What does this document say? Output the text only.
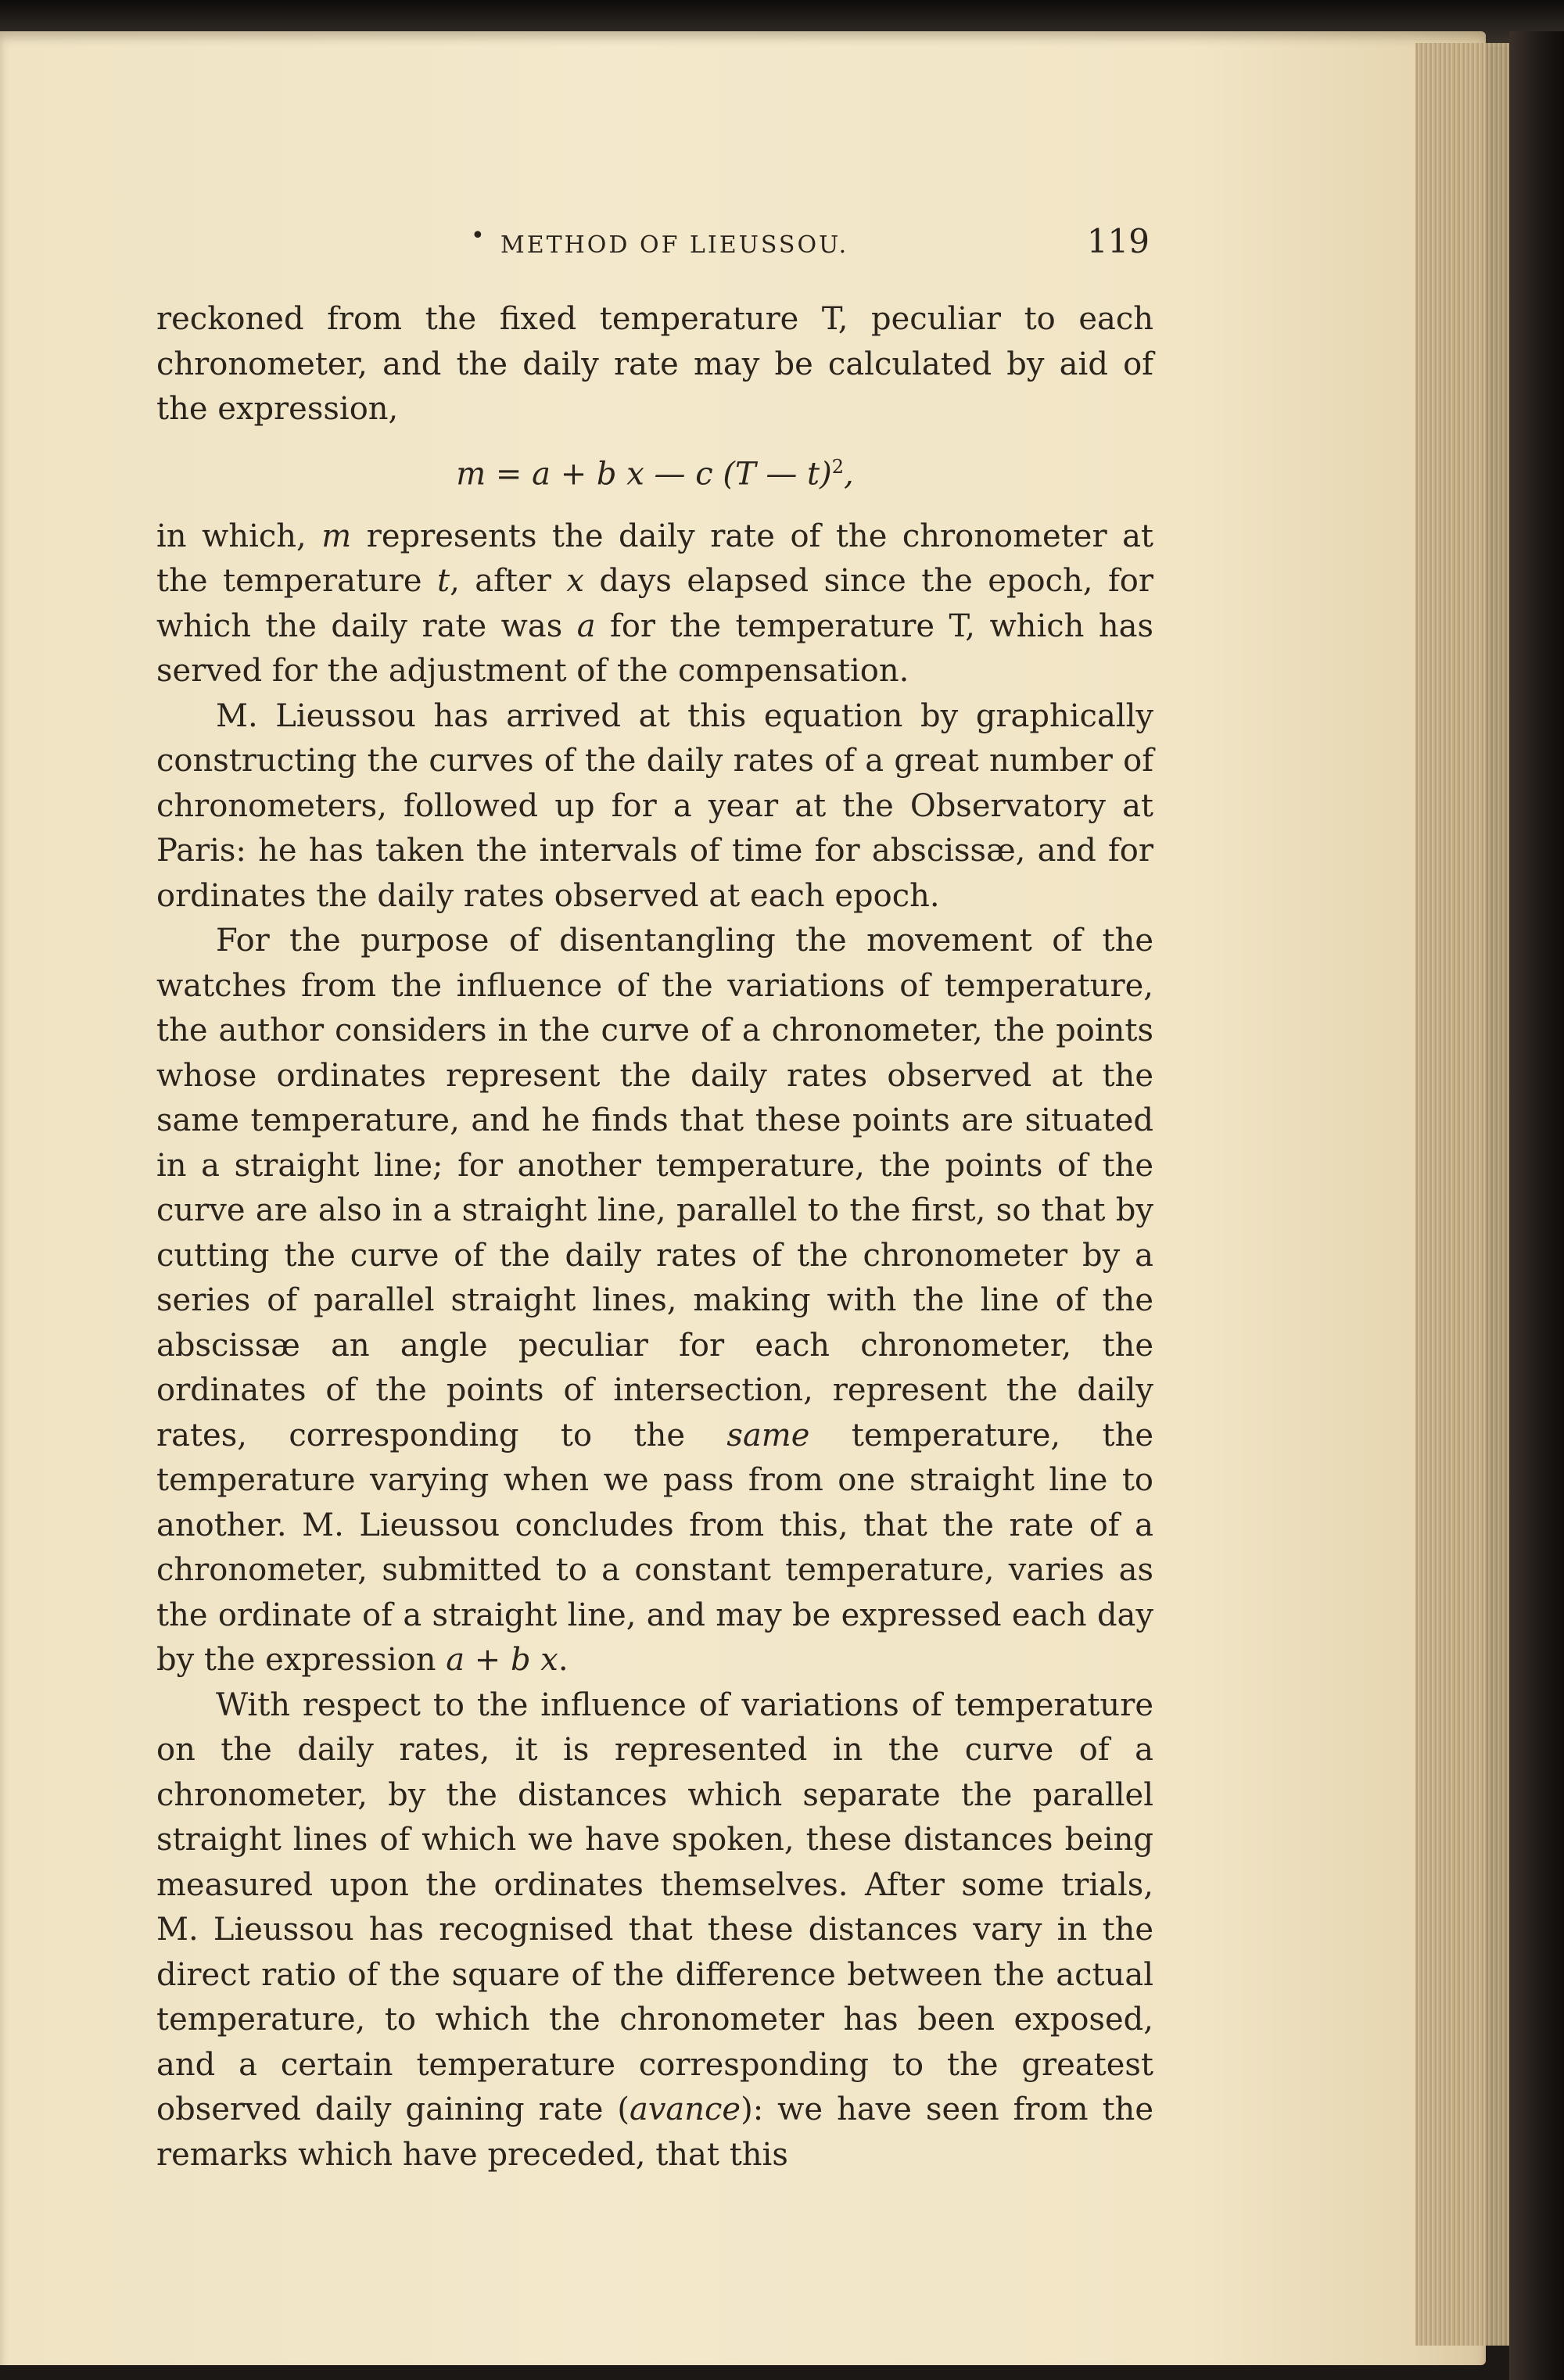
• METHOD OF LIEUSSOU.	119

reckoned from the fixed temperature T, peculiar to each chronometer, and the daily rate may be calculated by aid of the expression,

m = a + b x — c (T — t)$^2$,

in which, m represents the daily rate of the chronometer at the temperature t, after x days elapsed since the epoch, for which the daily rate was a for the temperature T, which has served for the adjustment of the compensation.

M. Lieussou has arrived at this equation by graphically constructing the curves of the daily rates of a great number of chronometers, followed up for a year at the Observatory at Paris: he has taken the intervals of time for abscissæ, and for ordinates the daily rates observed at each epoch.

For the purpose of disentangling the movement of the watches from the influence of the variations of temperature, the author considers in the curve of a chronometer, the points whose ordinates represent the daily rates observed at the same temperature, and he finds that these points are situated in a straight line; for another temperature, the points of the curve are also in a straight line, parallel to the first, so that by cutting the curve of the daily rates of the chronometer by a series of parallel straight lines, making with the line of the abscissæ an angle peculiar for each chronometer, the ordinates of the points of intersection, represent the daily rates, corresponding to the same temperature, the temperature varying when we pass from one straight line to another. M. Lieussou concludes from this, that the rate of a chronometer, submitted to a constant temperature, varies as the ordinate of a straight line, and may be expressed each day by the expression a + b x.

With respect to the influence of variations of temperature on the daily rates, it is represented in the curve of a chronometer, by the distances which separate the parallel straight lines of which we have spoken, these distances being measured upon the ordinates themselves. After some trials, M. Lieussou has recognised that these distances vary in the direct ratio of the square of the difference between the actual temperature, to which the chronometer has been exposed, and a certain temperature corresponding to the greatest observed daily gaining rate (avance): we have seen from the remarks which have preceded, that this
